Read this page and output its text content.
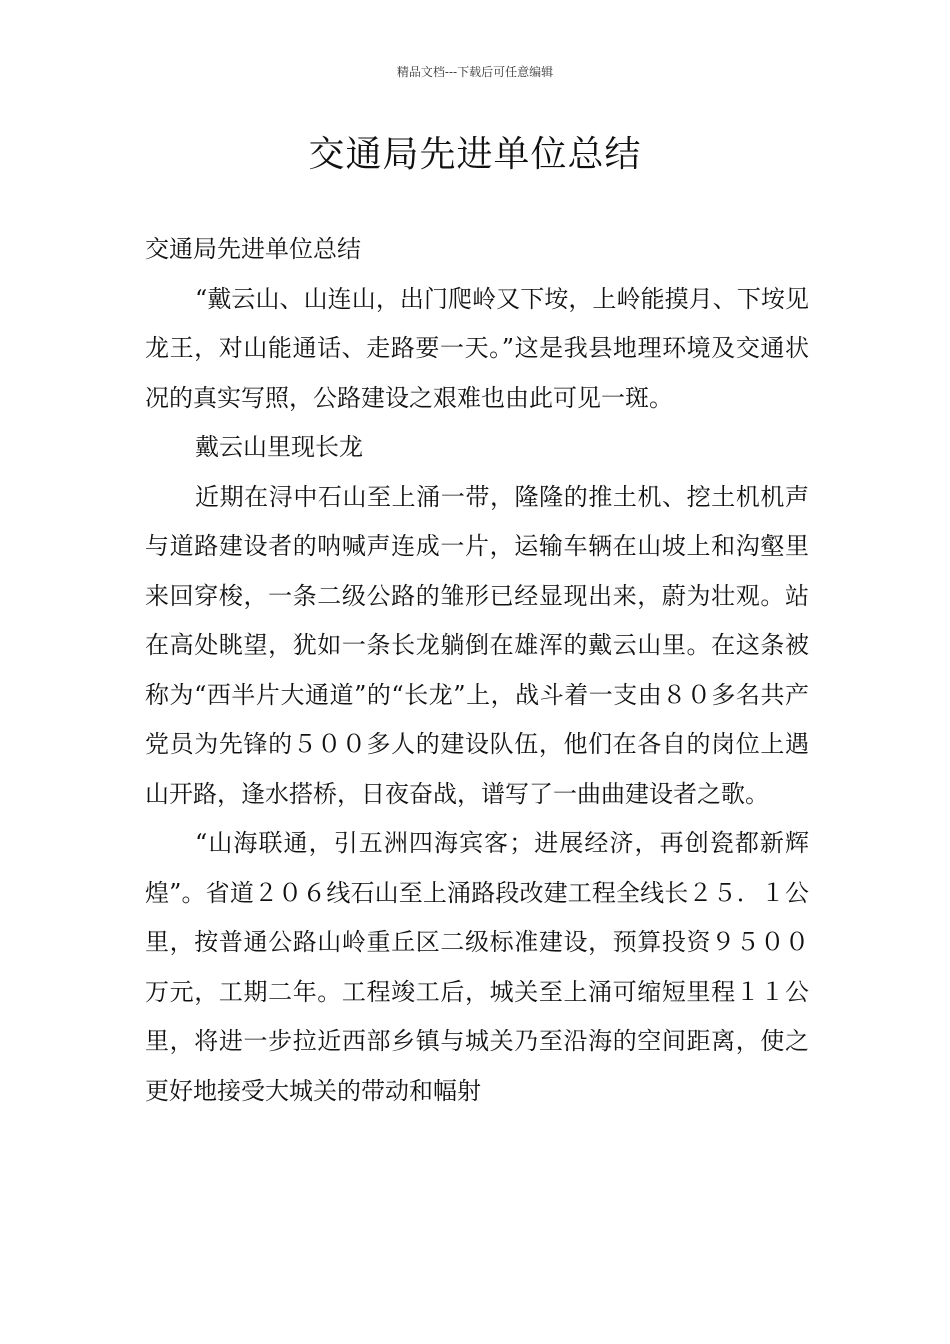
精品文档---下载后可任意编辑
交通局先进单位总结

交通局先进单位总结

“戴云山、山连山，出门爬岭又下垵，上岭能摸月、下垵见龙王，对山能通话、走路要一天。”这是我县地理环境及交通状况的真实写照，公路建设之艰难也由此可见一斑。

戴云山里现长龙

近期在浔中石山至上涌一带，隆隆的推土机、挖土机机声与道路建设者的呐喊声连成一片，运输车辆在山坡上和沟壑里来回穿梭，一条二级公路的雏形已经显现出来，蔚为壮观。站在高处眺望，犹如一条长龙躺倒在雄浑的戴云山里。在这条被称为“西半片大通道”的“长龙”上，战斗着一支由８０多名共产党员为先锋的５００多人的建设队伍，他们在各自的岗位上遇山开路，逢水搭桥，日夜奋战，谱写了一曲曲建设者之歌。

“山海联通，引五洲四海宾客；进展经济，再创瓷都新辉煌”。省道２０６线石山至上涌路段改建工程全线长２５．１公里，按普通公路山岭重丘区二级标准建设，预算投资９５００万元，工期二年。工程竣工后，城关至上涌可缩短里程１１公里，将进一步拉近西部乡镇与城关乃至沿海的空间距离，使之更好地接受大城关的带动和幅射
